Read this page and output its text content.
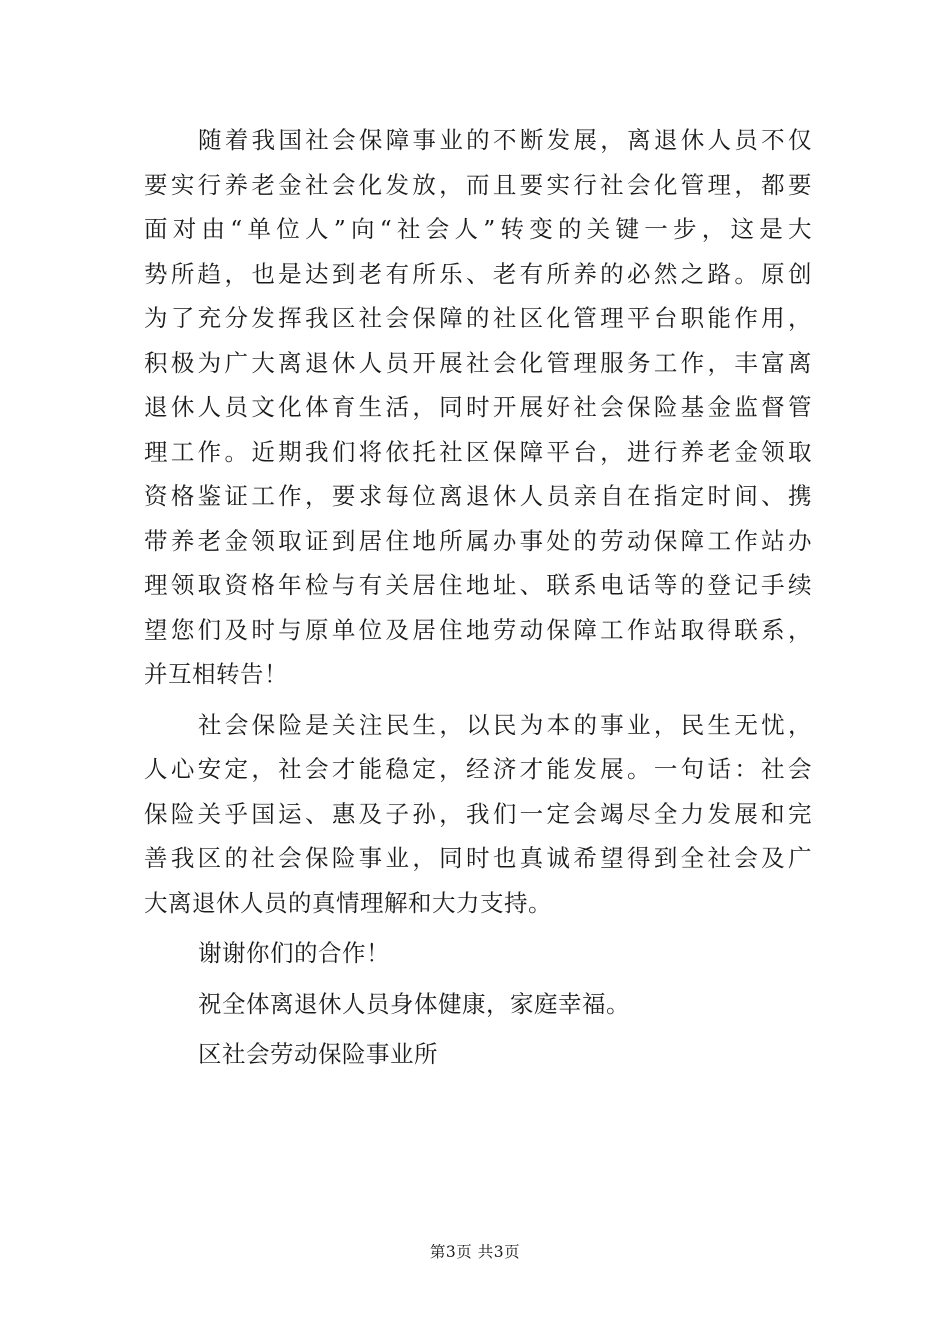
随着我国社会保障事业的不断发展，离退休人员不仅
要实行养老金社会化发放，而且要实行社会化管理，都要
面对由“单位人”向“社会人”转变的关键一步，这是大
势所趋，也是达到老有所乐、老有所养的必然之路。原创
为了充分发挥我区社会保障的社区化管理平台职能作用，
积极为广大离退休人员开展社会化管理服务工作，丰富离
退休人员文化体育生活，同时开展好社会保险基金监督管
理工作。近期我们将依托社区保障平台，进行养老金领取
资格鉴证工作，要求每位离退休人员亲自在指定时间、携
带养老金领取证到居住地所属办事处的劳动保障工作站办
理领取资格年检与有关居住地址、联系电话等的登记手续
望您们及时与原单位及居住地劳动保障工作站取得联系，
并互相转告！
社会保险是关注民生，以民为本的事业，民生无忧，
人心安定，社会才能稳定，经济才能发展。一句话：社会
保险关乎国运、惠及子孙，我们一定会竭尽全力发展和完
善我区的社会保险事业，同时也真诚希望得到全社会及广
大离退休人员的真情理解和大力支持。
谢谢你们的合作！
祝全体离退休人员身体健康，家庭幸福。
区社会劳动保险事业所
第3页 共3页
